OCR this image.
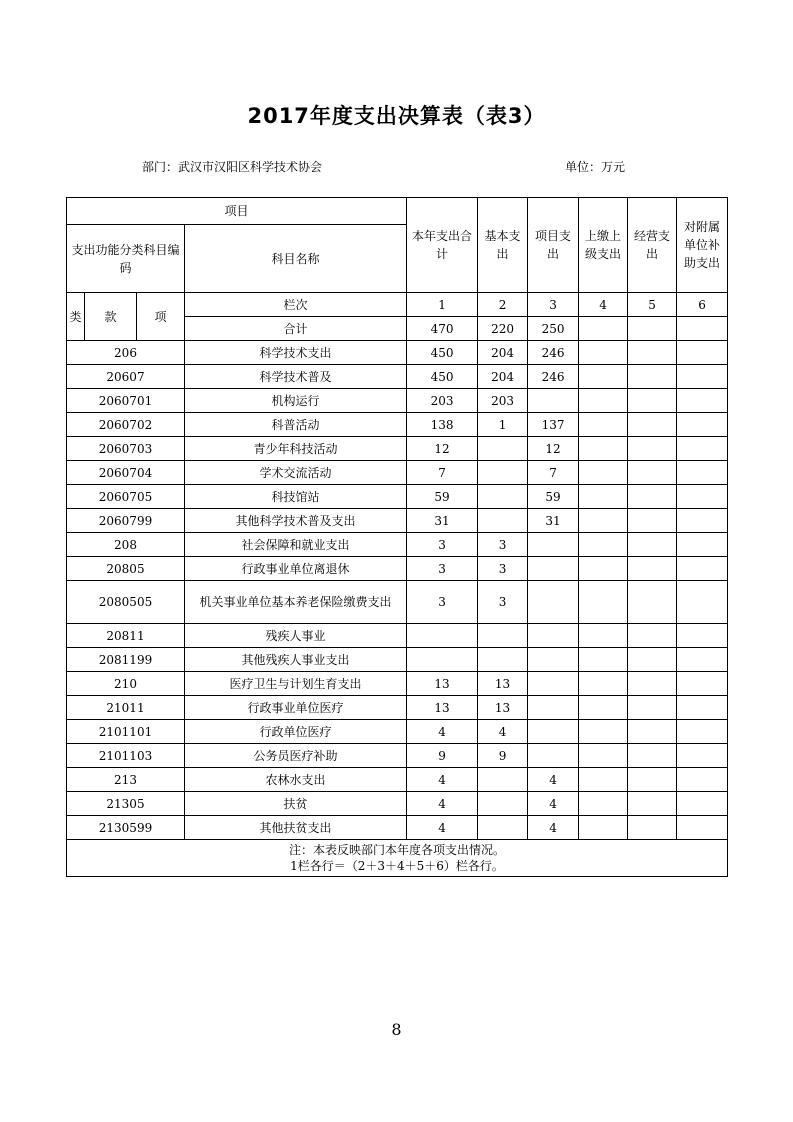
2017年度支出决算表（表3）
部门：武汉市汉阳区科学技术协会	单位：万元
项目				本年支出合计	基本支出	项目支出	上缴上级支出	经营支出	对附属单位补助支出
支出功能分类科目编码			科目名称						

类	款	项	栏次	1	2	3	4	5	6
			合计	470	220	250			
206			科学技术支出	450	204	246			
20607			科学技术普及	450	204	246			
2060701			机构运行	203	203				
2060702			科普活动	138	1	137			
2060703			青少年科技活动	12		12			
2060704			学术交流活动	7		7			
2060705			科技馆站	59		59			
2060799			其他科学技术普及支出	31		31			
208			社会保障和就业支出	3	3				
20805			行政事业单位离退休	3	3				
2080505			机关事业单位基本养老保险缴费支出	3	3				
20811			残疾人事业						
2081199			其他残疾人事业支出						
210			医疗卫生与计划生育支出	13	13				
21011			行政事业单位医疗	13	13				
2101101			行政单位医疗	4	4				
2101103			公务员医疗补助	9	9				
213			农林水支出	4		4			
21305			扶贫	4		4			
2130599			其他扶贫支出	4		4			

注：本表反映部门本年度各项支出情况。
1栏各行＝（2＋3＋4＋5＋6）栏各行。									
8
